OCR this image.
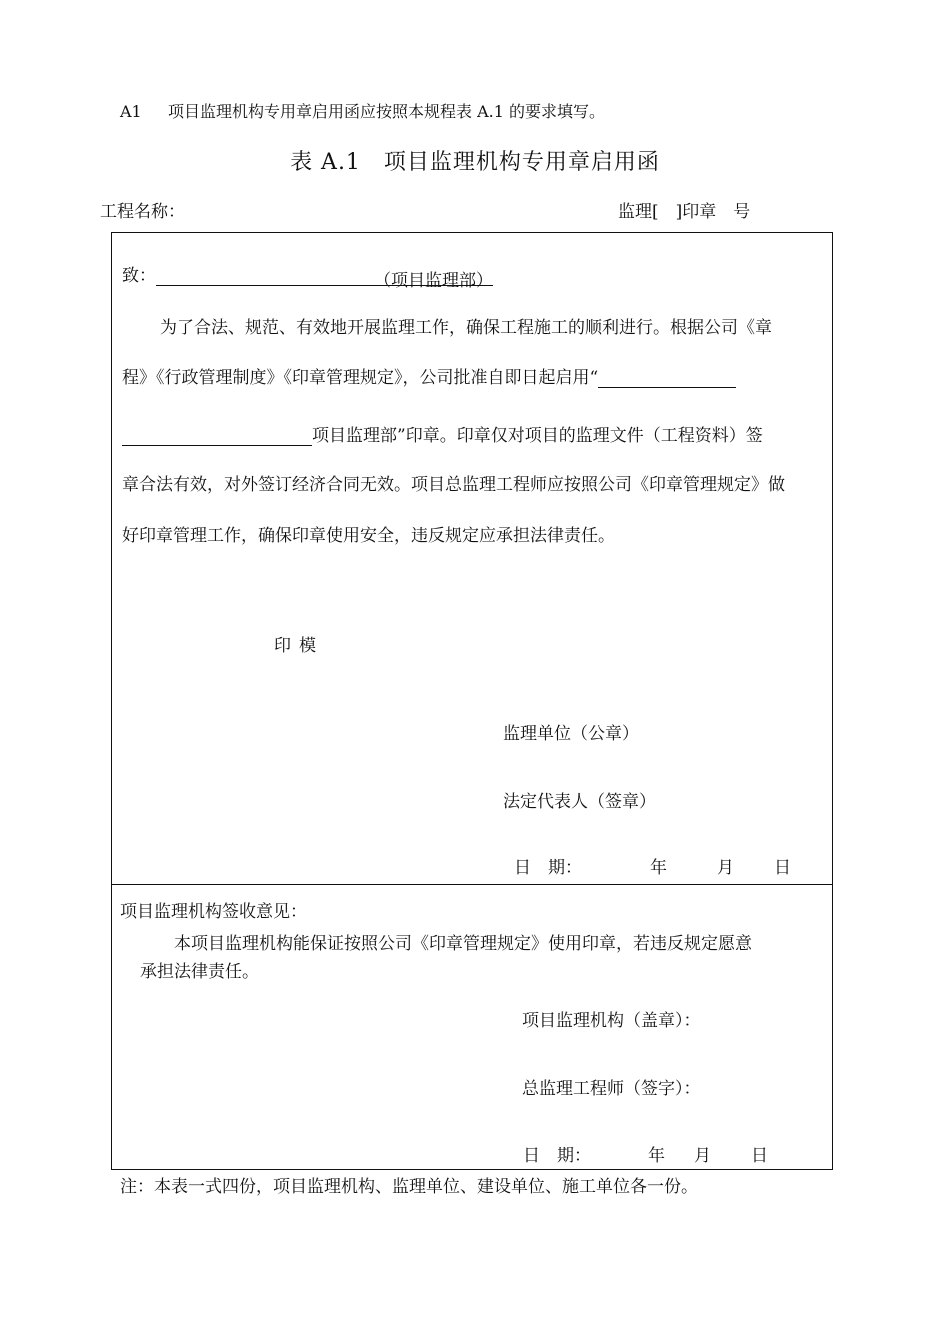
A1 项目监理机构专用章启用函应按照本规程表 A.1 的要求填写。
表 A.1　项目监理机构专用章启用函
工程名称：	监理[　]印章　号
致：	（项目监理部）
为了合法、规范、有效地开展监理工作，确保工程施工的顺利进行。根据公司《章
程》《行政管理制度》《印章管理规定》，公司批准自即日起启用“
项目监理部”印章。印章仅对项目的监理文件（工程资料）签
章合法有效，对外签订经济合同无效。项目总监理工程师应按照公司《印章管理规定》做
好印章管理工作，确保印章使用安全，违反规定应承担法律责任。
印模
监理单位（公章）
法定代表人（签章）
日　期：	年	月 日
项目监理机构签收意见：
本项目监理机构能保证按照公司《印章管理规定》使用印章，若违反规定愿意
承担法律责任。
项目监理机构（盖章）：
总监理工程师（签字）：
日　期：	年 月 日
注：本表一式四份，项目监理机构、监理单位、建设单位、施工单位各一份。
